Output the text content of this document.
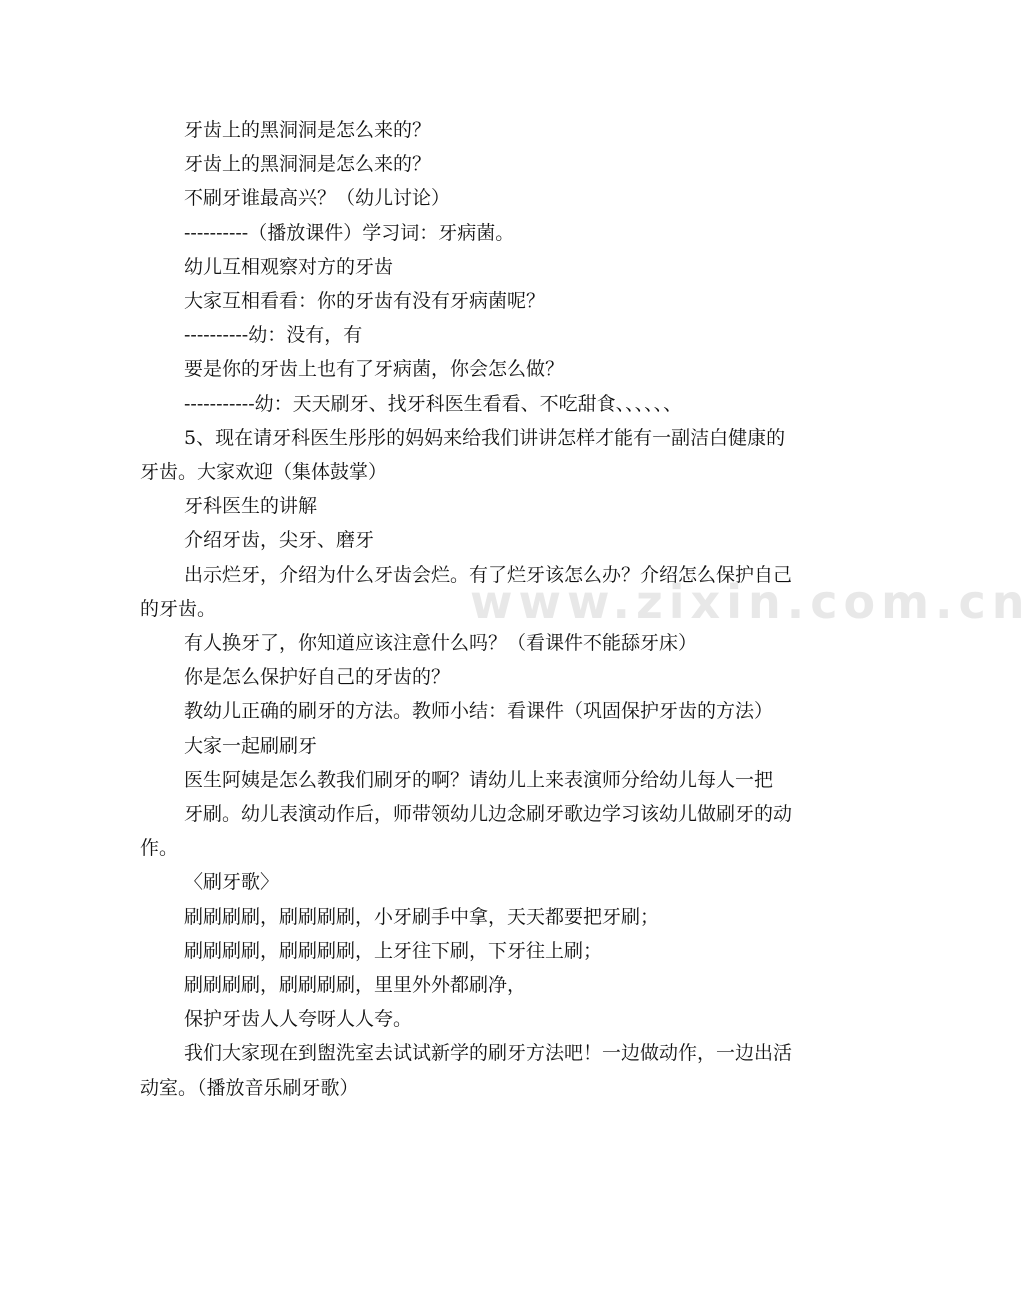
www.zixin.com.cn

牙齿上的黑洞洞是怎么来的？

牙齿上的黑洞洞是怎么来的？

不刷牙谁最高兴？（幼儿讨论）

----------（播放课件）学习词：牙病菌。

幼儿互相观察对方的牙齿

大家互相看看：你的牙齿有没有牙病菌呢？

----------幼：没有，有

要是你的牙齿上也有了牙病菌，你会怎么做？

-----------幼：天天刷牙、找牙科医生看看、不吃甜食、、、、、、

5、现在请牙科医生彤彤的妈妈来给我们讲讲怎样才能有一副洁白健康的牙齿。大家欢迎（集体鼓掌）

牙科医生的讲解

介绍牙齿，尖牙、磨牙

出示烂牙，介绍为什么牙齿会烂。有了烂牙该怎么办？介绍怎么保护自己的牙齿。

有人换牙了，你知道应该注意什么吗？（看课件不能舔牙床）

你是怎么保护好自己的牙齿的？

教幼儿正确的刷牙的方法。教师小结：看课件（巩固保护牙齿的方法）

大家一起刷刷牙

医生阿姨是怎么教我们刷牙的啊？请幼儿上来表演师分给幼儿每人一把

牙刷。幼儿表演动作后，师带领幼儿边念刷牙歌边学习该幼儿做刷牙的动作。

〈刷牙歌〉

刷刷刷刷，刷刷刷刷，小牙刷手中拿，天天都要把牙刷；

刷刷刷刷，刷刷刷刷，上牙往下刷，下牙往上刷；

刷刷刷刷，刷刷刷刷，里里外外都刷净，

保护牙齿人人夸呀人人夸。

我们大家现在到盥洗室去试试新学的刷牙方法吧！一边做动作，一边出活动室。（播放音乐刷牙歌）
